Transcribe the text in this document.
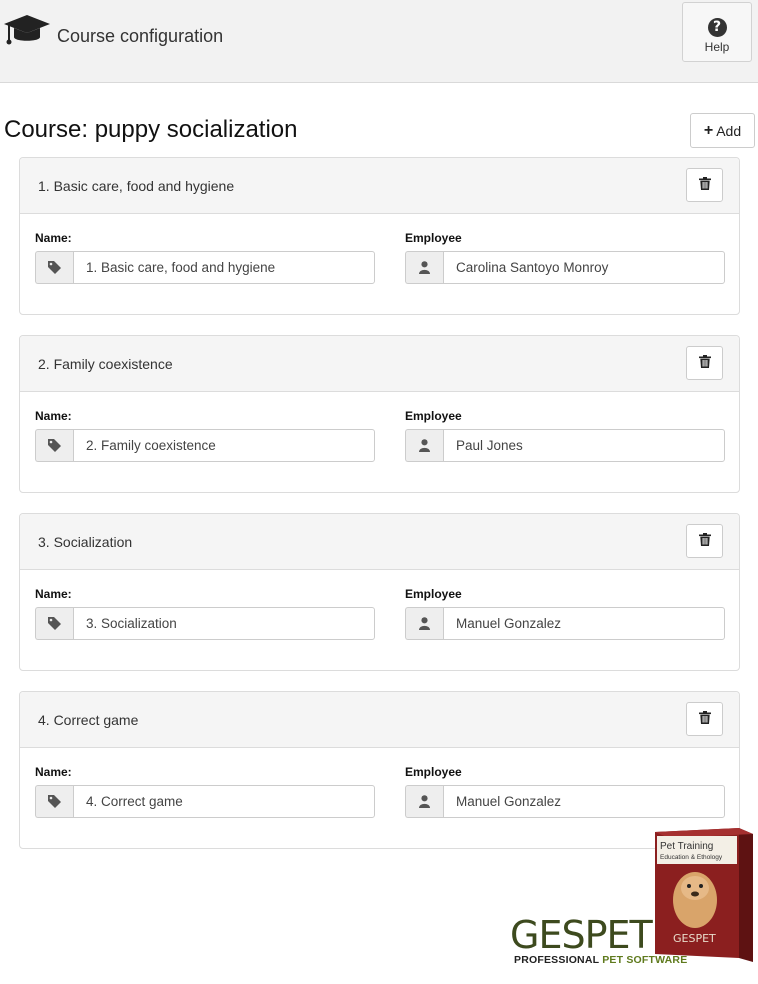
Course configuration	?
Help
Course: puppy socialization	+ Add
1. Basic care, food and hygiene
Name:
1. Basic care, food and hygiene	Employee
Carolina Santoyo Monroy
2. Family coexistence
Name:
2. Family coexistence	Employee
Paul Jones
3. Socialization
Name:
3. Socialization	Employee
Manuel Gonzalez
4. Correct game
Name:
4. Correct game	Employee
Manuel Gonzalez
Pet Training
Education & Ethology
GESPET
GESPET
PROFESSIONAL PET SOFTWARE
